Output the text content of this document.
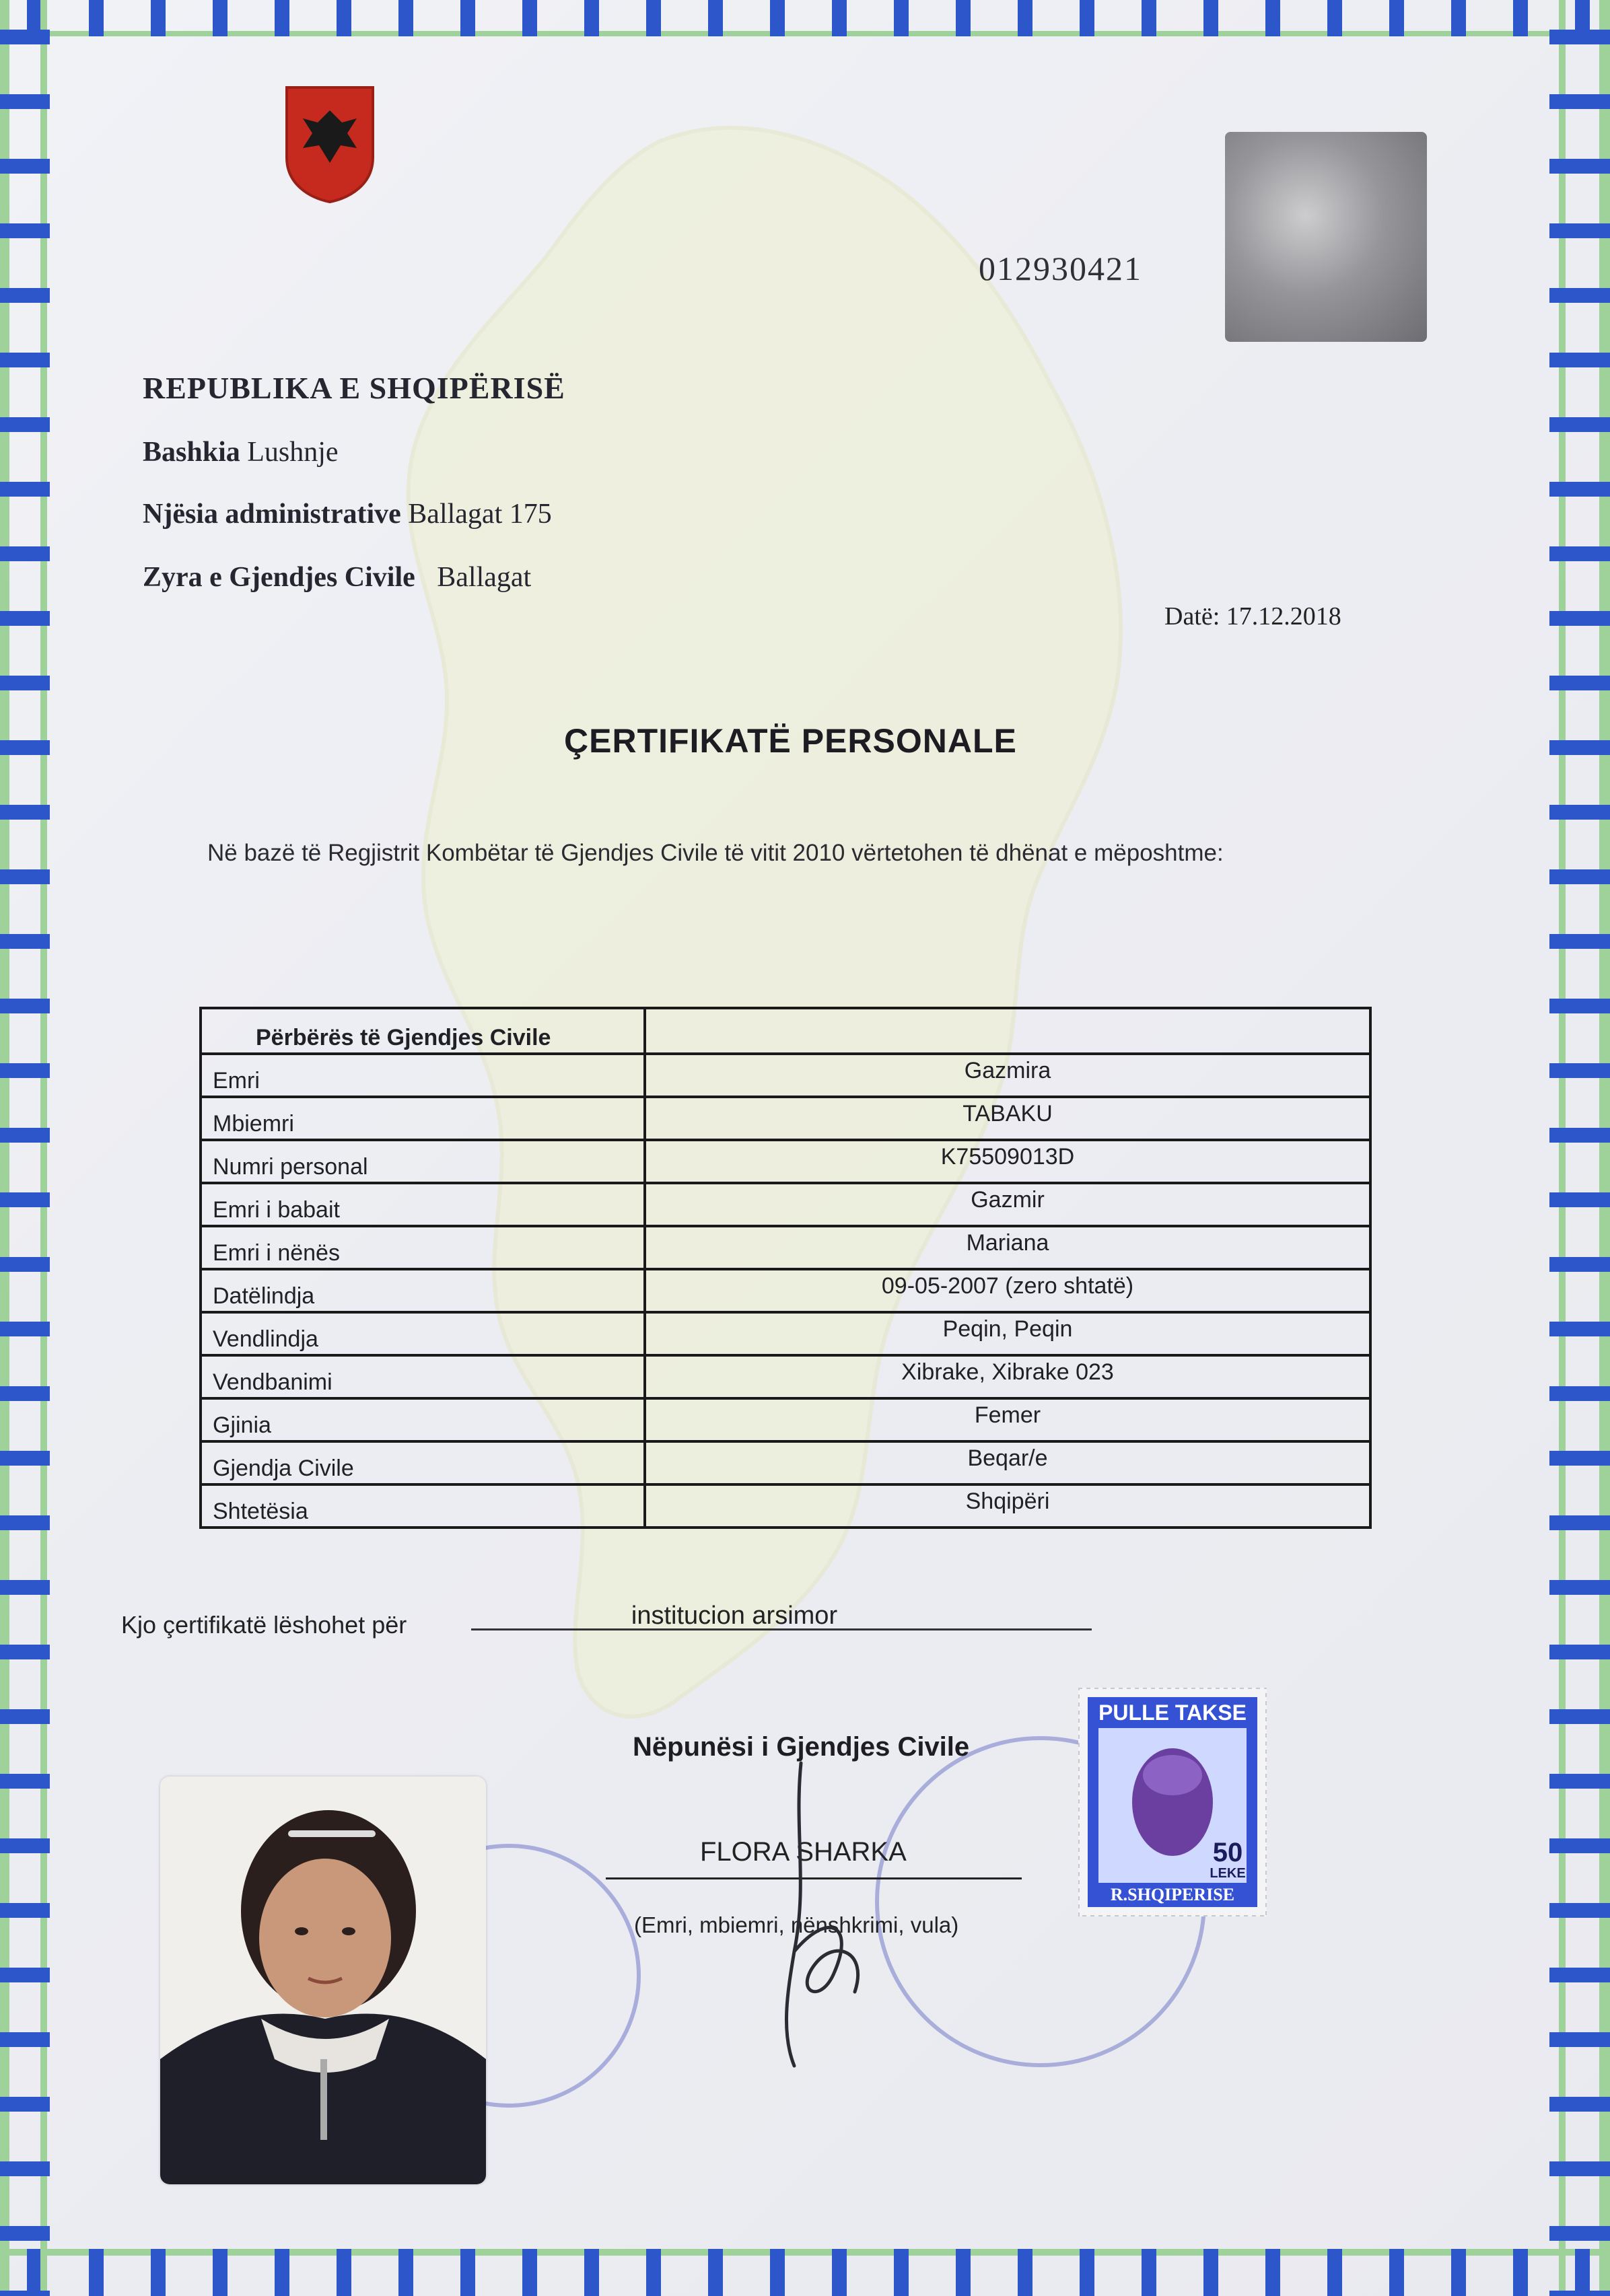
012930421
REPUBLIKA E SHQIPËRISË
Bashkia Lushnje
Njësia administrative Ballagat 175
Zyra e Gjendjes Civile Ballagat
Datë: 17.12.2018
ÇERTIFIKATË PERSONALE
Në bazë të Regjistrit Kombëtar të Gjendjes Civile të vitit 2010 vërtetohen të dhënat e mëposhtme:
Përbërës të Gjendjes Civile	
Emri	Gazmira
Mbiemri	TABAKU
Numri personal	K75509013D
Emri i babait	Gazmir
Emri i nënës	Mariana
Datëlindja	09-05-2007 (zero shtatë)
Vendlindja	Peqin, Peqin
Vendbanimi	Xibrake, Xibrake 023
Gjinia	Femer
Gjendja Civile	Beqar/e
Shtetësia	Shqipëri
Kjo çertifikatë lëshohet për	institucion arsimor
Nëpunësi i Gjendjes Civile
FLORA SHARKA
(Emri, mbiemri, nënshkrimi, vula)
PULLE TAKSE
50
LEKE
R.SHQIPERISE
